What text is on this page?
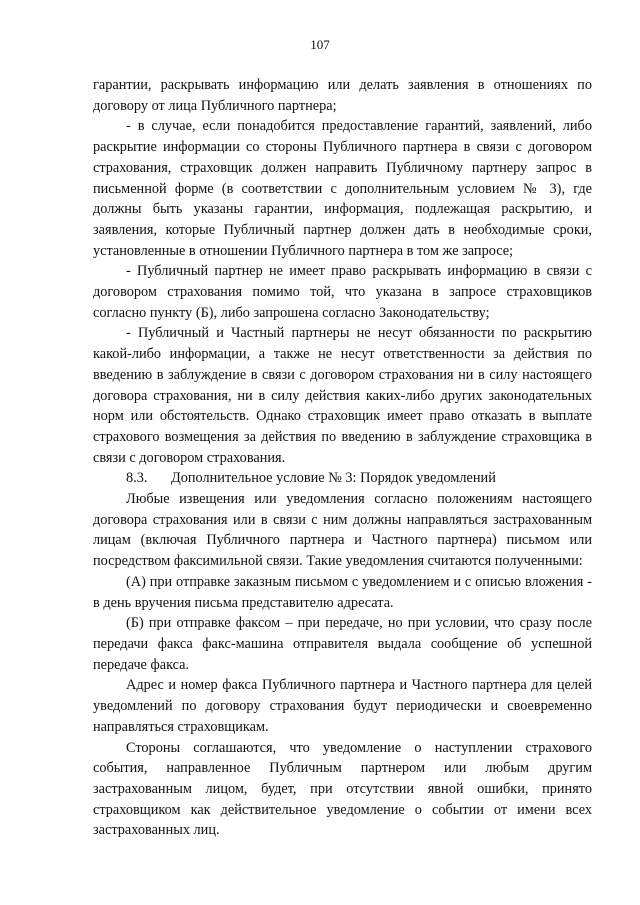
107

гарантии, раскрывать информацию или делать заявления в отношениях по договору от лица Публичного партнера;

- в случае, если понадобится предоставление гарантий, заявлений, либо раскрытие информации со стороны Публичного партнера в связи с договором страхования, страховщик должен направить Публичному партнеру запрос в письменной форме (в соответствии с дополнительным условием № 3), где должны быть указаны гарантии, информация, подлежащая раскрытию, и заявления, которые Публичный партнер должен дать в необходимые сроки, установленные в отношении Публичного партнера в том же запросе;

- Публичный партнер не имеет право раскрывать информацию в связи с договором страхования помимо той, что указана в запросе страховщиков согласно пункту (Б), либо запрошена согласно Законодательству;

- Публичный и Частный партнеры не несут обязанности по раскрытию какой-либо информации, а также не несут ответственности за действия по введению в заблуждение в связи с договором страхования ни в силу настоящего договора страхования, ни в силу действия каких-либо других законодательных норм или обстоятельств. Однако страховщик имеет право отказать в выплате страхового возмещения за действия по введению в заблуждение страховщика в связи с договором страхования.

8.3. Дополнительное условие № 3: Порядок уведомлений

Любые извещения или уведомления согласно положениям настоящего договора страхования или в связи с ним должны направляться застрахованным лицам (включая Публичного партнера и Частного партнера) письмом или посредством факсимильной связи. Такие уведомления считаются полученными:

(А) при отправке заказным письмом с уведомлением и с описью вложения - в день вручения письма представителю адресата.

(Б) при отправке факсом – при передаче, но при условии, что сразу после передачи факса факс-машина отправителя выдала сообщение об успешной передаче факса.

Адрес и номер факса Публичного партнера и Частного партнера для целей уведомлений по договору страхования будут периодически и своевременно направляться страховщикам.

Стороны соглашаются, что уведомление о наступлении страхового события, направленное Публичным партнером или любым другим застрахованным лицом, будет, при отсутствии явной ошибки, принято страховщиком как действительное уведомление о событии от имени всех застрахованных лиц.
